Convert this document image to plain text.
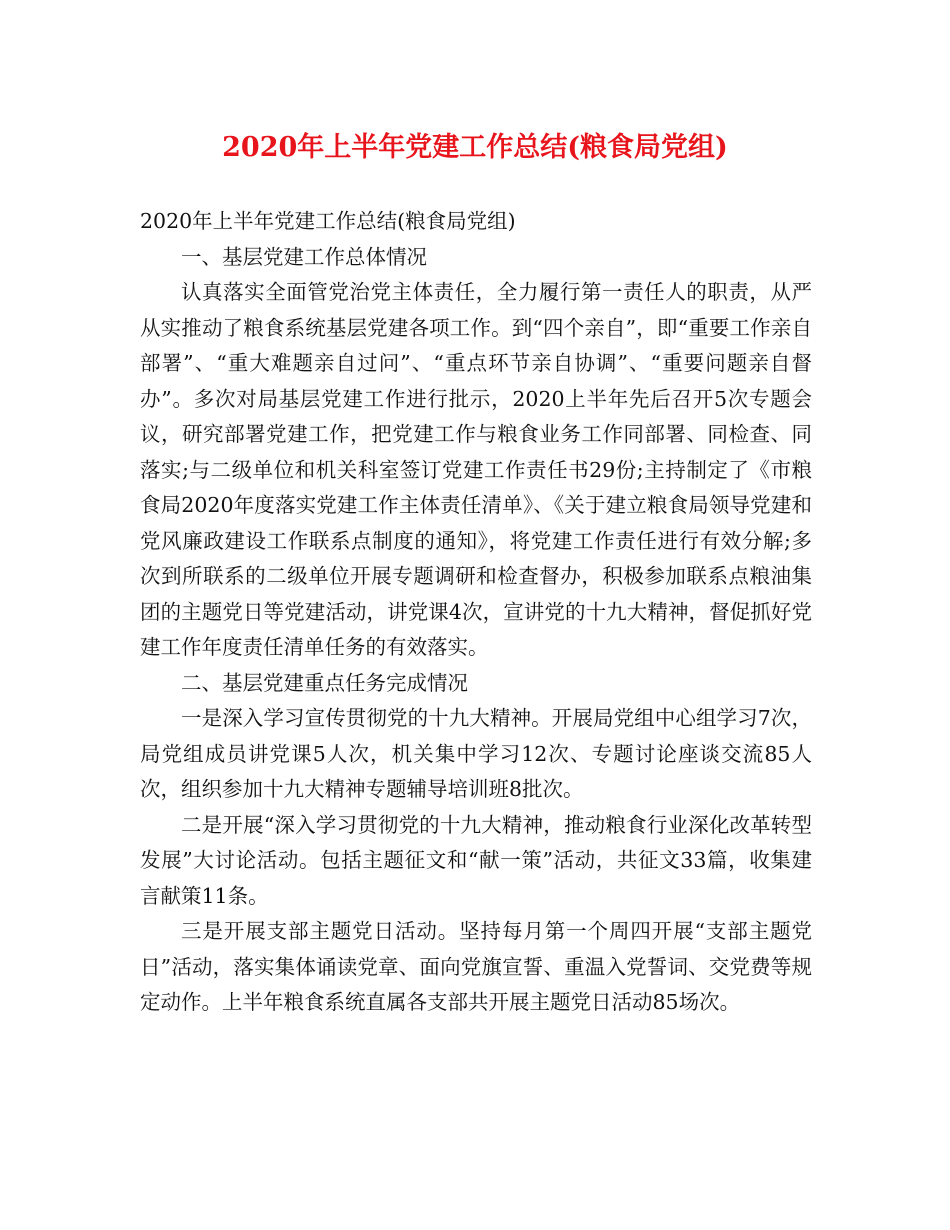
2020年上半年党建工作总结(粮食局党组)

2020年上半年党建工作总结(粮食局党组)

一、基层党建工作总体情况

认真落实全面管党治党主体责任，全力履行第一责任人的职责，从严从实推动了粮食系统基层党建各项工作。到“四个亲自”，即“重要工作亲自部署”、“重大难题亲自过问”、“重点环节亲自协调”、“重要问题亲自督办”。多次对局基层党建工作进行批示，2020上半年先后召开5次专题会议，研究部署党建工作，把党建工作与粮食业务工作同部署、同检查、同落实;与二级单位和机关科室签订党建工作责任书29份;主持制定了《市粮食局2020年度落实党建工作主体责任清单》、《关于建立粮食局领导党建和党风廉政建设工作联系点制度的通知》，将党建工作责任进行有效分解;多次到所联系的二级单位开展专题调研和检查督办，积极参加联系点粮油集团的主题党日等党建活动，讲党课4次，宣讲党的十九大精神，督促抓好党建工作年度责任清单任务的有效落实。

二、基层党建重点任务完成情况

一是深入学习宣传贯彻党的十九大精神。开展局党组中心组学习7次，局党组成员讲党课5人次，机关集中学习12次、专题讨论座谈交流85人次，组织参加十九大精神专题辅导培训班8批次。

二是开展“深入学习贯彻党的十九大精神，推动粮食行业深化改革转型发展”大讨论活动。包括主题征文和“献一策”活动，共征文33篇，收集建言献策11条。

三是开展支部主题党日活动。坚持每月第一个周四开展“支部主题党日”活动，落实集体诵读党章、面向党旗宣誓、重温入党誓词、交党费等规定动作。上半年粮食系统直属各支部共开展主题党日活动85场次。
